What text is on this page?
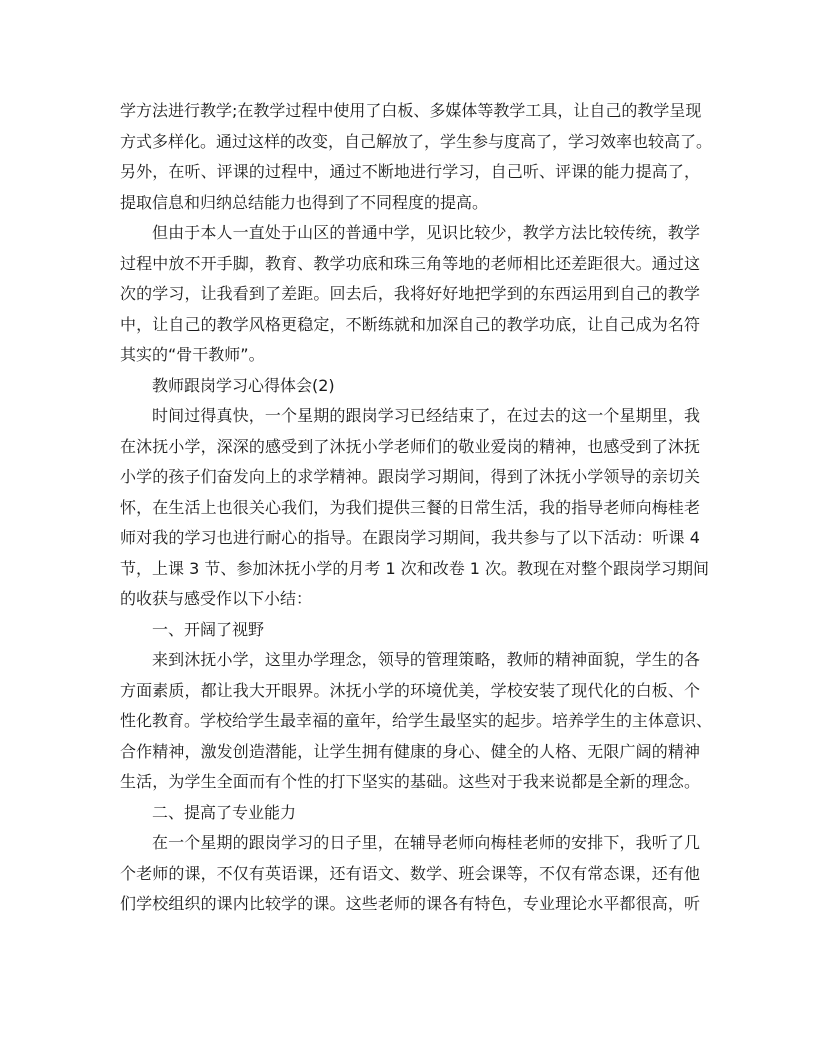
学方法进行教学;在教学过程中使用了白板、多媒体等教学工具，让自己的教学呈现
方式多样化。通过这样的改变，自己解放了，学生参与度高了，学习效率也较高了。
另外，在听、评课的过程中，通过不断地进行学习，自己听、评课的能力提高了，
提取信息和归纳总结能力也得到了不同程度的提高。
但由于本人一直处于山区的普通中学，见识比较少，教学方法比较传统，教学
过程中放不开手脚，教育、教学功底和珠三角等地的老师相比还差距很大。通过这
次的学习，让我看到了差距。回去后，我将好好地把学到的东西运用到自己的教学
中，让自己的教学风格更稳定，不断练就和加深自己的教学功底，让自己成为名符
其实的“骨干教师”。
教师跟岗学习心得体会(2)
时间过得真快，一个星期的跟岗学习已经结束了，在过去的这一个星期里，我
在沐抚小学，深深的感受到了沐抚小学老师们的敬业爱岗的精神，也感受到了沐抚
小学的孩子们奋发向上的求学精神。跟岗学习期间，得到了沐抚小学领导的亲切关
怀，在生活上也很关心我们，为我们提供三餐的日常生活，我的指导老师向梅桂老
师对我的学习也进行耐心的指导。在跟岗学习期间，我共参与了以下活动：听课 4
节，上课 3 节、参加沐抚小学的月考 1 次和改卷 1 次。教现在对整个跟岗学习期间
的收获与感受作以下小结：
一、开阔了视野
来到沐抚小学，这里办学理念，领导的管理策略，教师的精神面貌，学生的各
方面素质，都让我大开眼界。沐抚小学的环境优美，学校安装了现代化的白板、个
性化教育。学校给学生最幸福的童年，给学生最坚实的起步。培养学生的主体意识、
合作精神，激发创造潜能，让学生拥有健康的身心、健全的人格、无限广阔的精神
生活，为学生全面而有个性的打下坚实的基础。这些对于我来说都是全新的理念。
二、提高了专业能力
在一个星期的跟岗学习的日子里，在辅导老师向梅桂老师的安排下，我听了几
个老师的课，不仅有英语课，还有语文、数学、班会课等，不仅有常态课，还有他
们学校组织的课内比较学的课。这些老师的课各有特色，专业理论水平都很高，听
